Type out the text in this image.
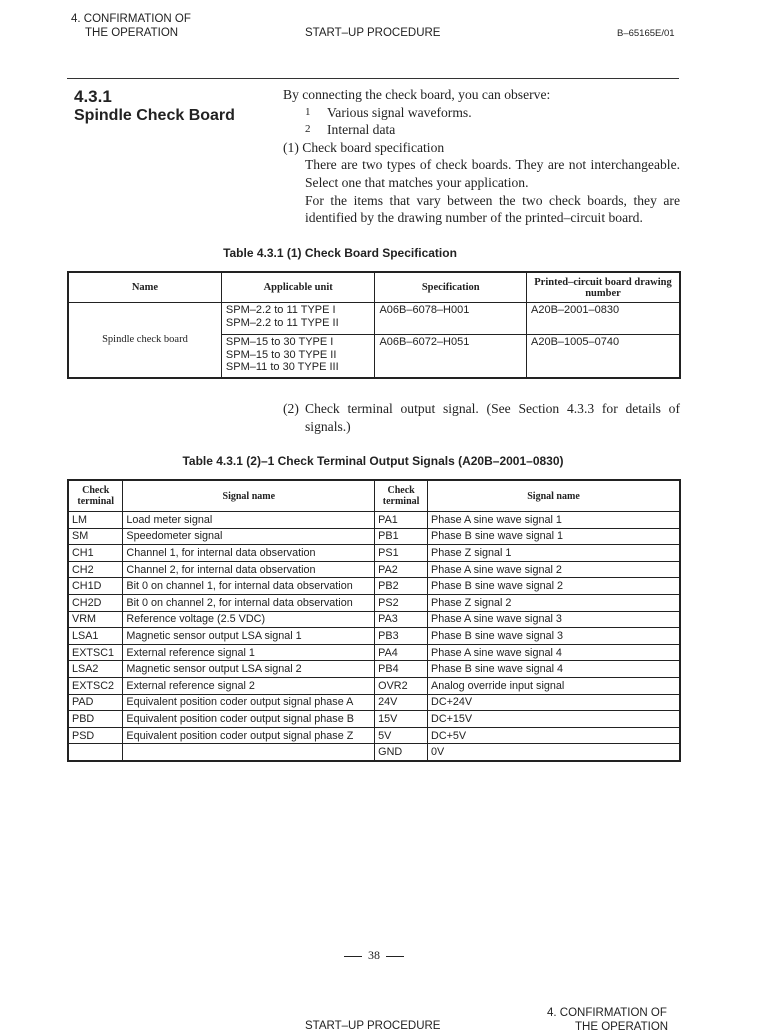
4. CONFIRMATION OF
THE OPERATION	START–UP PROCEDURE	B–65165E/01
4.3.1
Spindle Check Board

By connecting the check board, you can observe:

1	Various signal waveforms.
2	Internal data

(1) Check board specification

There are two types of check boards. They are not interchangeable.

Select one that matches your application.

For the items that vary between the two check boards, they are

identified by the drawing number of the printed–circuit board.

Table 4.3.1 (1) Check Board Specification
Name	Applicable unit	Specification	Printed–circuit board drawing number
Spindle check board	SPM–2.2 to 11 TYPE I
SPM–2.2 to 11 TYPE II	A06B–6078–H001	A20B–2001–0830

	SPM–15 to 30 TYPE I
SPM–15 to 30 TYPE II
SPM–11 to 30 TYPE III	A06B–6072–H051	A20B–1005–0740
(2) Check terminal output signal. (See Section 4.3.3 for details of
signals.)
Table 4.3.1 (2)–1 Check Terminal Output Signals (A20B–2001–0830)
Check terminal	Signal name	Check terminal	Signal name
LM	Load meter signal	PA1	Phase A sine wave signal 1
SM	Speedometer signal	PB1	Phase B sine wave signal 1
CH1	Channel 1, for internal data observation	PS1	Phase Z signal 1
CH2	Channel 2, for internal data observation	PA2	Phase A sine wave signal 2
CH1D	Bit 0 on channel 1, for internal data observation	PB2	Phase B sine wave signal 2
CH2D	Bit 0 on channel 2, for internal data observation	PS2	Phase Z signal 2
VRM	Reference voltage (2.5 VDC)	PA3	Phase A sine wave signal 3
LSA1	Magnetic sensor output LSA signal 1	PB3	Phase B sine wave signal 3
EXTSC1	External reference signal 1	PA4	Phase A sine wave signal 4
LSA2	Magnetic sensor output LSA signal 2	PB4	Phase B sine wave signal 4
EXTSC2	External reference signal 2	OVR2	Analog override input signal
PAD	Equivalent position coder output signal phase A	24V	DC+24V
PBD	Equivalent position coder output signal phase B	15V	DC+15V
PSD	Equivalent position coder output signal phase Z	5V	DC+5V
		GND	0V
38
4. CONFIRMATION OF
THE OPERATION
START–UP PROCEDURE
